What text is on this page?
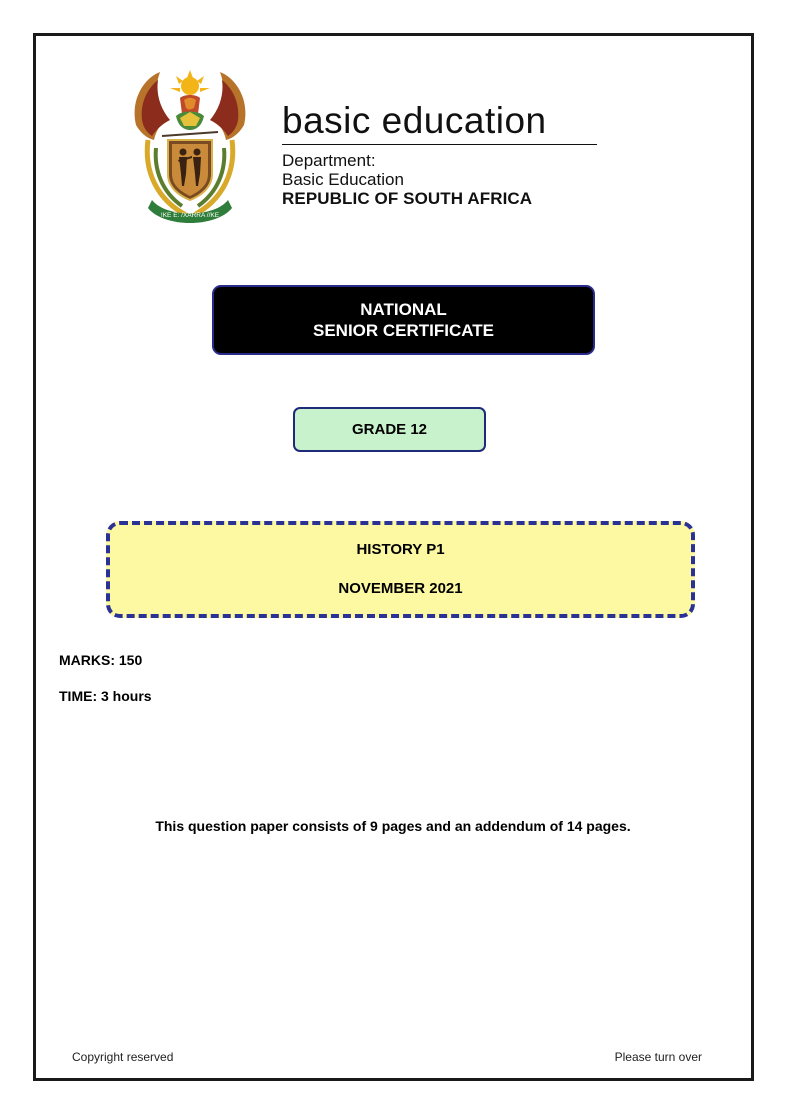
!KE E: /XARRA //KE
basic education
Department:
Basic Education
REPUBLIC OF SOUTH AFRICA
NATIONAL
SENIOR CERTIFICATE
GRADE 12
HISTORY P1
NOVEMBER 2021
MARKS: 150
TIME: 3 hours
This question paper consists of 9 pages and an addendum of 14 pages.
Copyright reserved	Please turn over
